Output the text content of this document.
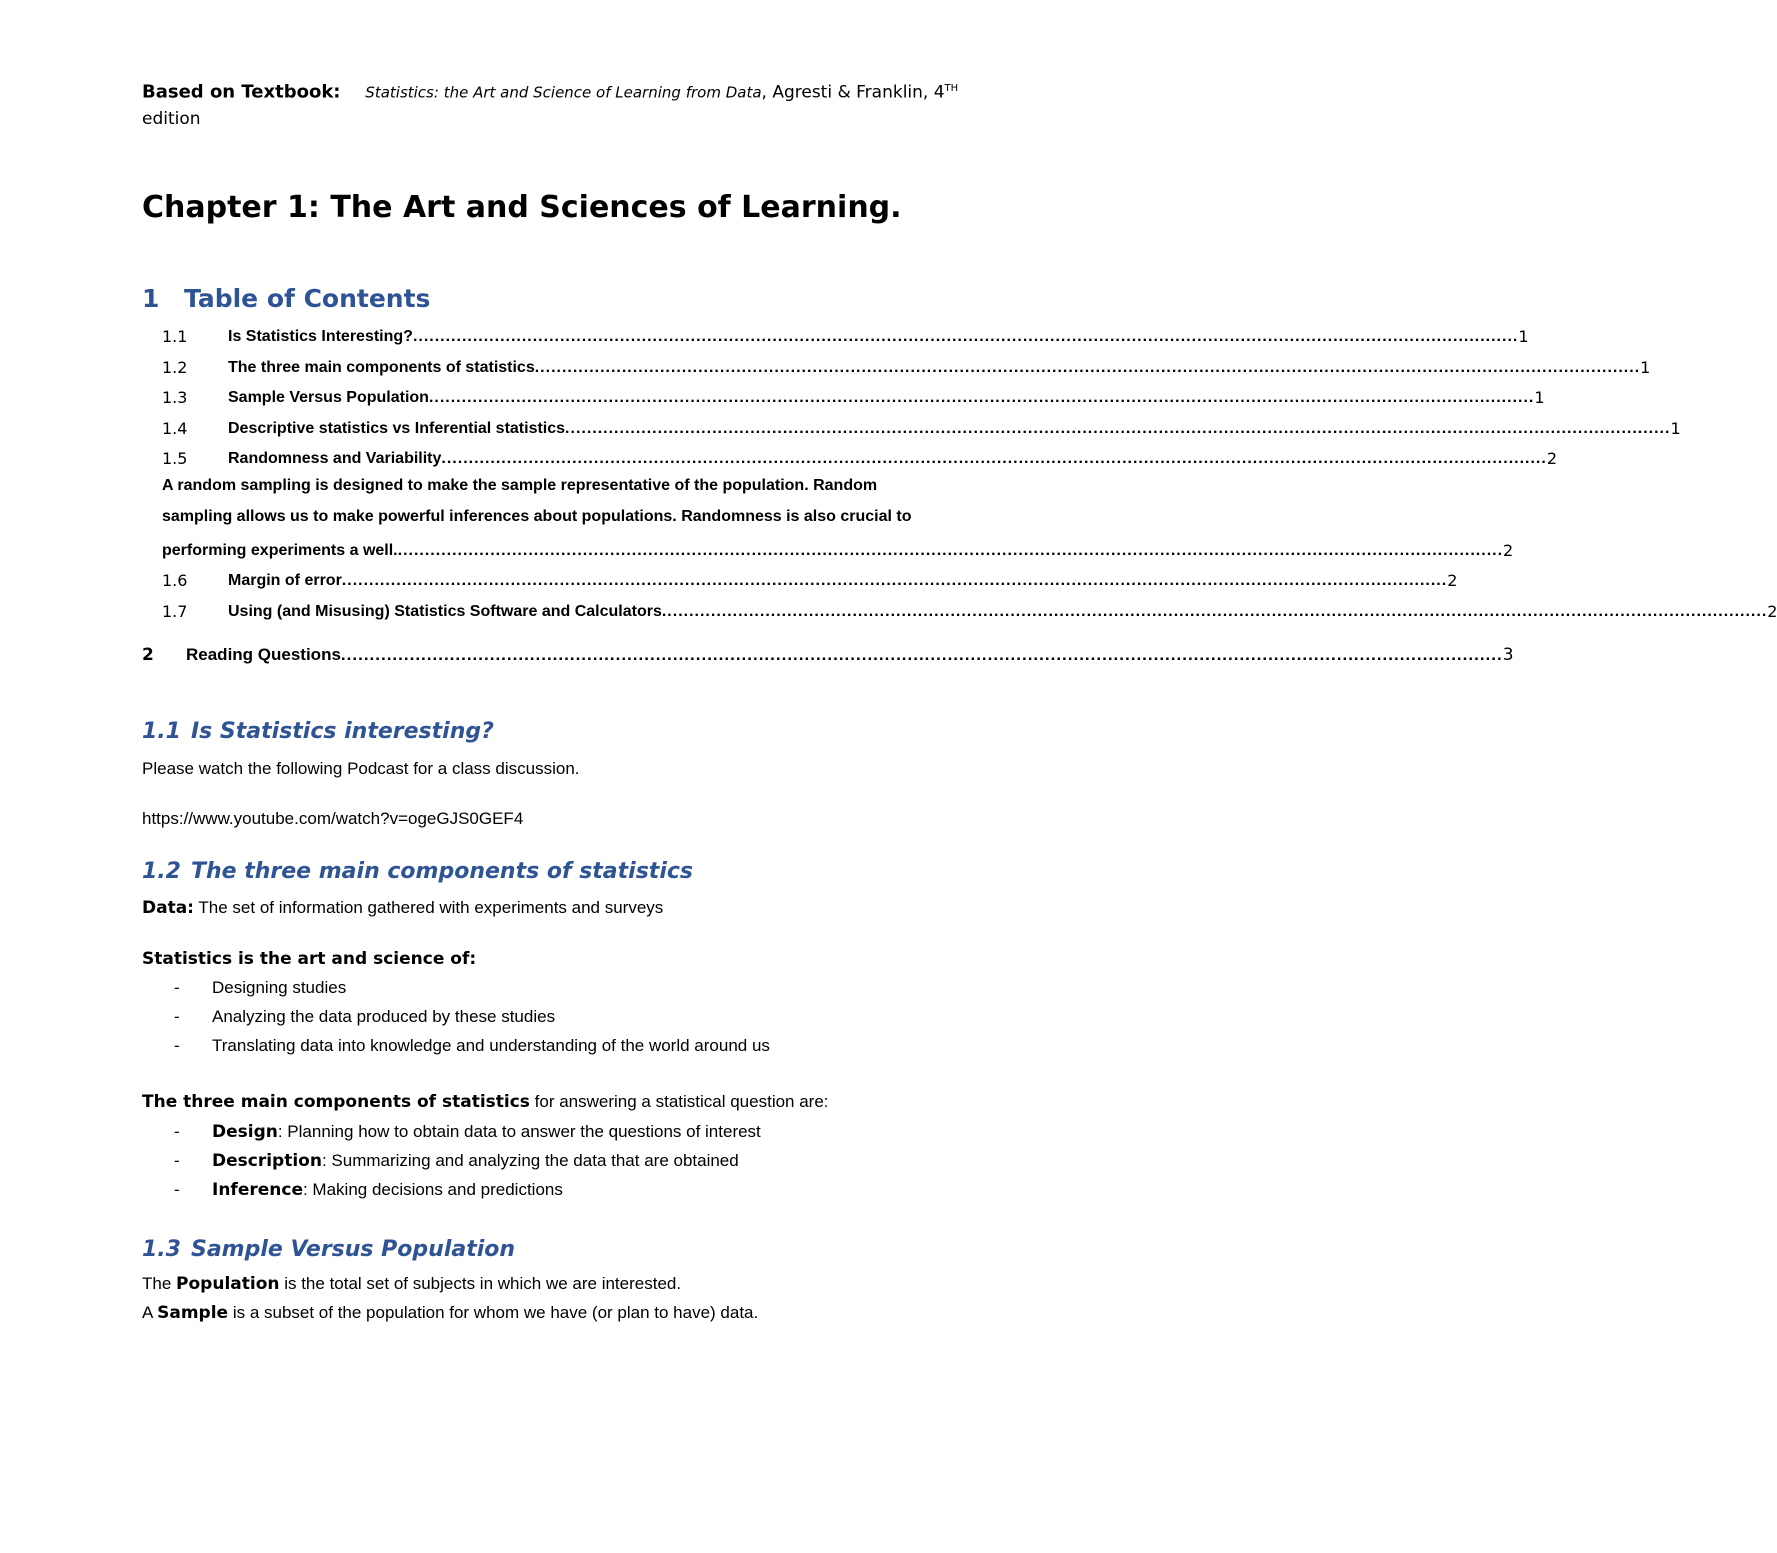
Based on Textbook: Statistics: the Art and Science of Learning from Data, Agresti & Franklin, 4TH
edition
Chapter 1: The Art and Sciences of Learning.
1 Table of Contents
1.1	Is Statistics Interesting? ........................................................................................................................................................................................................... 1
1.2	The three main components of statistics ........................................................................................................................................................................................................... 1
1.3	Sample Versus Population ........................................................................................................................................................................................................... 1
1.4	Descriptive statistics vs Inferential statistics ........................................................................................................................................................................................................... 1
1.5	Randomness and Variability ........................................................................................................................................................................................................... 2
A random sampling is designed to make the sample representative of the population. Random
sampling allows us to make powerful inferences about populations. Randomness is also crucial to
performing experiments a well. ........................................................................................................................................................................................................... 2
1.6	Margin of error ........................................................................................................................................................................................................... 2
1.7	Using (and Misusing) Statistics Software and Calculators ........................................................................................................................................................................................................... 2
2	Reading Questions ........................................................................................................................................................................................................... 3
1.1 Is Statistics interesting?
Please watch the following Podcast for a class discussion.
https://www.youtube.com/watch?v=ogeGJS0GEF4
1.2 The three main components of statistics
Data: The set of information gathered with experiments and surveys
Statistics is the art and science of:
- Designing studies
- Analyzing the data produced by these studies
- Translating data into knowledge and understanding of the world around us
The three main components of statistics for answering a statistical question are:
- Design: Planning how to obtain data to answer the questions of interest
- Description: Summarizing and analyzing the data that are obtained
- Inference: Making decisions and predictions
1.3 Sample Versus Population
The Population is the total set of subjects in which we are interested.
A Sample is a subset of the population for whom we have (or plan to have) data.
